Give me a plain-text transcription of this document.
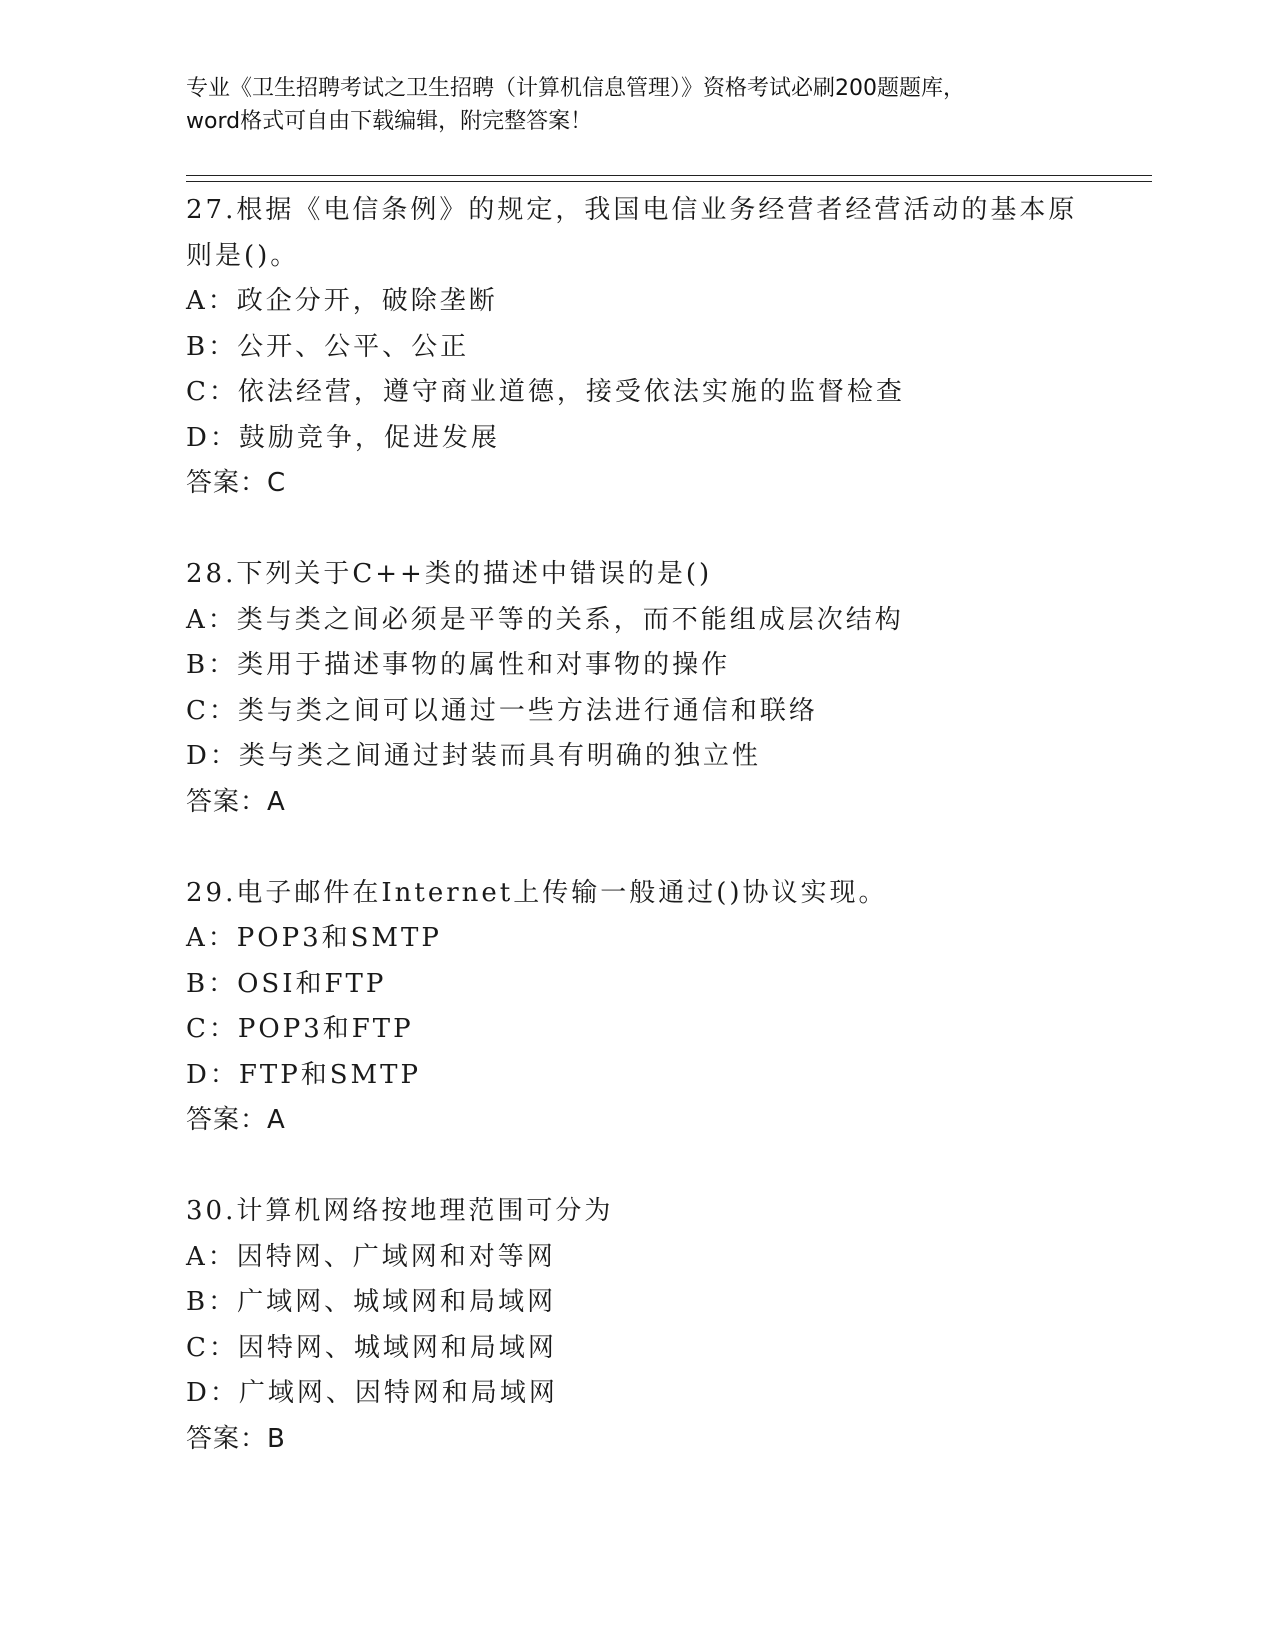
专业《卫生招聘考试之卫生招聘（计算机信息管理）》资格考试必刷200题题库，
word格式可自由下载编辑，附完整答案！

27.根据《电信条例》的规定，我国电信业务经营者经营活动的基本原

则是()。

A：政企分开，破除垄断

B：公开、公平、公正

C：依法经营，遵守商业道德，接受依法实施的监督检查

D：鼓励竞争，促进发展

答案：C

28.下列关于C++类的描述中错误的是()

A：类与类之间必须是平等的关系，而不能组成层次结构

B：类用于描述事物的属性和对事物的操作

C：类与类之间可以通过一些方法进行通信和联络

D：类与类之间通过封装而具有明确的独立性

答案：A

29.电子邮件在Internet上传输一般通过()协议实现。

A：POP3和SMTP

B：OSI和FTP

C：POP3和FTP

D：FTP和SMTP

答案：A

30.计算机网络按地理范围可分为

A：因特网、广域网和对等网

B：广域网、城域网和局域网

C：因特网、城域网和局域网

D：广域网、因特网和局域网

答案：B
